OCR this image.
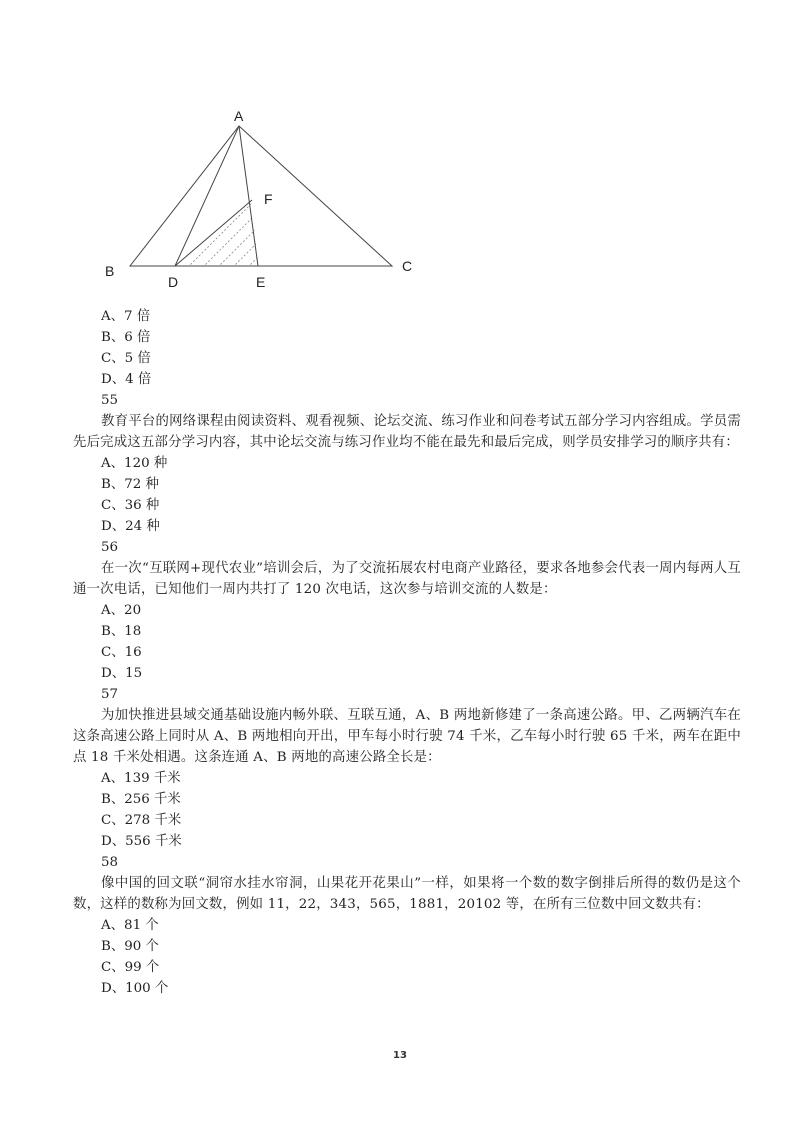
A
B	C
D	E
F
A、7 倍
B、6 倍
C、5 倍
D、4 倍
55
教育平台的网络课程由阅读资料、观看视频、论坛交流、练习作业和问卷考试五部分学习内容组成。学员需先后完成这五部分学习内容，其中论坛交流与练习作业均不能在最先和最后完成，则学员安排学习的顺序共有：
A、120 种
B、72 种
C、36 种
D、24 种
56
在一次“互联网+现代农业”培训会后，为了交流拓展农村电商产业路径，要求各地参会代表一周内每两人互通一次电话，已知他们一周内共打了 120 次电话，这次参与培训交流的人数是：
A、20
B、18
C、16
D、15
57
为加快推进县域交通基础设施内畅外联、互联互通，A、B 两地新修建了一条高速公路。甲、乙两辆汽车在这条高速公路上同时从 A、B 两地相向开出，甲车每小时行驶 74 千米，乙车每小时行驶 65 千米，两车在距中点 18 千米处相遇。这条连通 A、B 两地的高速公路全长是：
A、139 千米
B、256 千米
C、278 千米
D、556 千米
58
像中国的回文联“洞帘水挂水帘洞，山果花开花果山”一样，如果将一个数的数字倒排后所得的数仍是这个数，这样的数称为回文数，例如 11，22，343，565，1881，20102 等，在所有三位数中回文数共有：
A、81 个
B、90 个
C、99 个
D、100 个
13
